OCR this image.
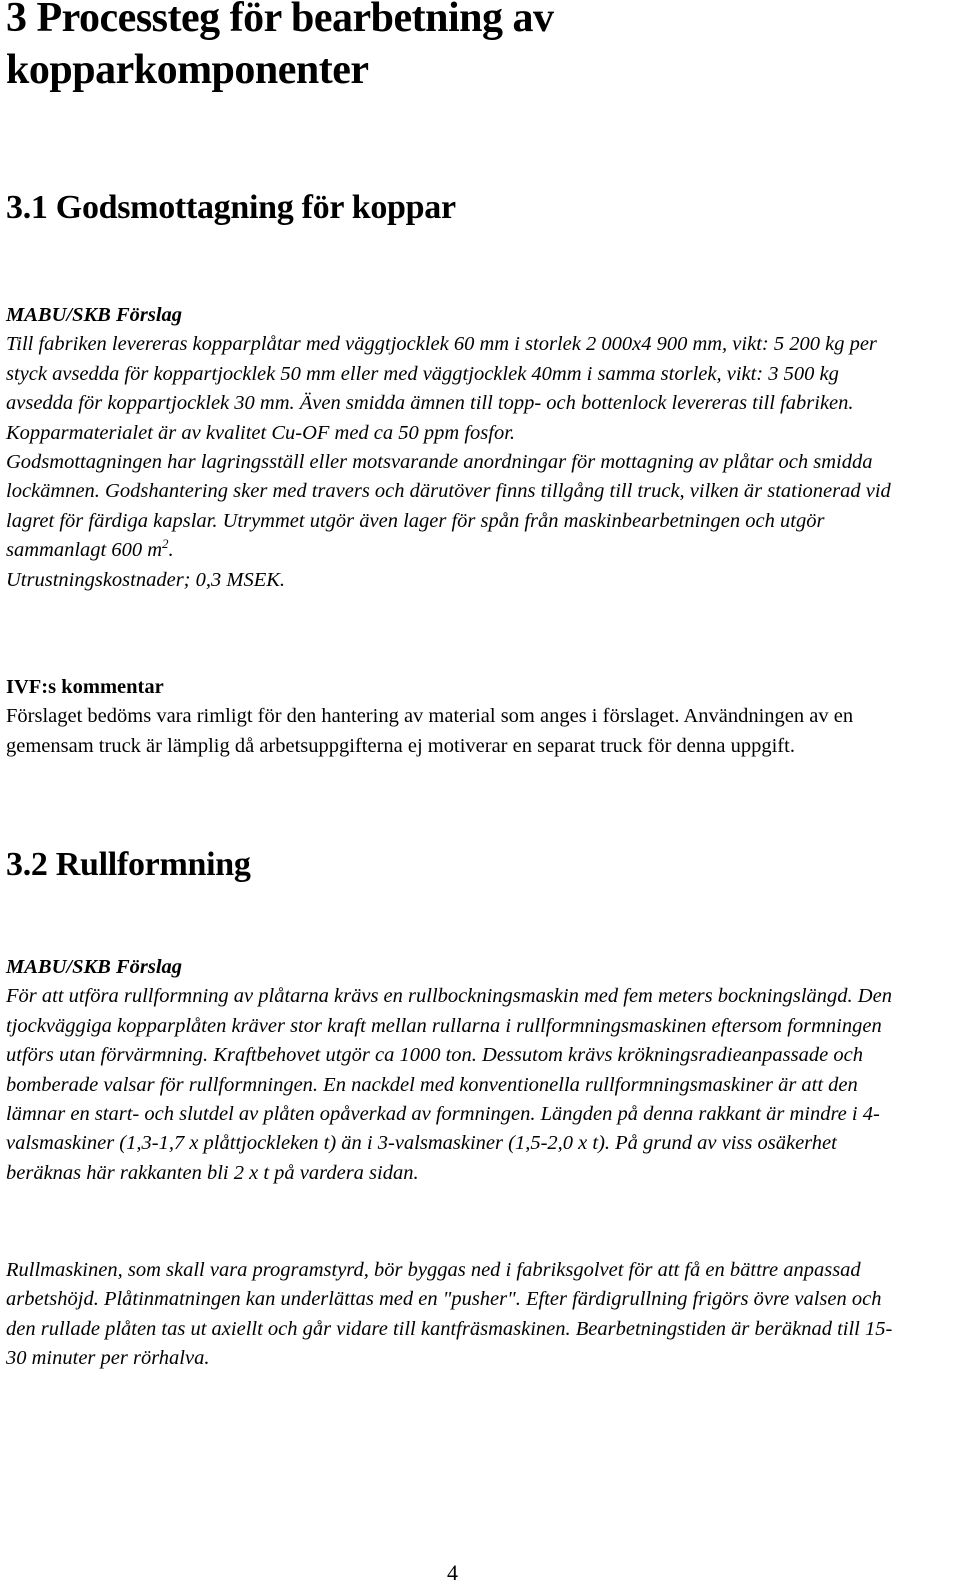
3 Processteg för bearbetning av kopparkomponenter
3.1 Godsmottagning för koppar
MABU/SKB Förslag

Till fabriken levereras kopparplåtar med väggtjocklek 60 mm i storlek 2 000x4 900 mm, vikt: 5 200 kg per styck avsedda för koppartjocklek 50 mm eller med väggtjocklek 40mm i samma storlek, vikt: 3 500 kg avsedda för koppartjocklek 30 mm. Även smidda ämnen till topp- och bottenlock levereras till fabriken. Kopparmaterialet är av kvalitet Cu-OF med ca 50 ppm fosfor.

Godsmottagningen har lagringsställ eller motsvarande anordningar för mottagning av plåtar och smidda lockämnen. Godshantering sker med travers och därutöver finns tillgång till truck, vilken är stationerad vid lagret för färdiga kapslar. Utrymmet utgör även lager för spån från maskinbearbetningen och utgör sammanlagt 600 $m^2$.

Utrustningskostnader; 0,3 MSEK.

IVF:s kommentar

Förslaget bedöms vara rimligt för den hantering av material som anges i förslaget. Användningen av en gemensam truck är lämplig då arbetsuppgifterna ej motiverar en separat truck för denna uppgift.

3.2 Rullformning
MABU/SKB Förslag

För att utföra rullformning av plåtarna krävs en rullbockningsmaskin med fem meters bockningslängd. Den tjockväggiga kopparplåten kräver stor kraft mellan rullarna i rullformningsmaskinen eftersom formningen utförs utan förvärmning. Kraftbehovet utgör ca 1000 ton. Dessutom krävs krökningsradieanpassade och bomberade valsar för rullformningen. En nackdel med konventionella rullformningsmaskiner är att den lämnar en start- och slutdel av plåten opåverkad av formningen. Längden på denna rakkant är mindre i 4-valsmaskiner (1,3-1,7 x plåttjockleken t) än i 3-valsmaskiner (1,5-2,0 x t). På grund av viss osäkerhet beräknas här rakkanten bli 2 x t på vardera sidan.

Rullmaskinen, som skall vara programstyrd, bör byggas ned i fabriksgolvet för att få en bättre anpassad arbetshöjd. Plåtinmatningen kan underlättas med en "pusher". Efter färdigrullning frigörs övre valsen och den rullade plåten tas ut axiellt och går vidare till kantfräsmaskinen. Bearbetningstiden är beräknad till 15-30 minuter per rörhalva.

4
